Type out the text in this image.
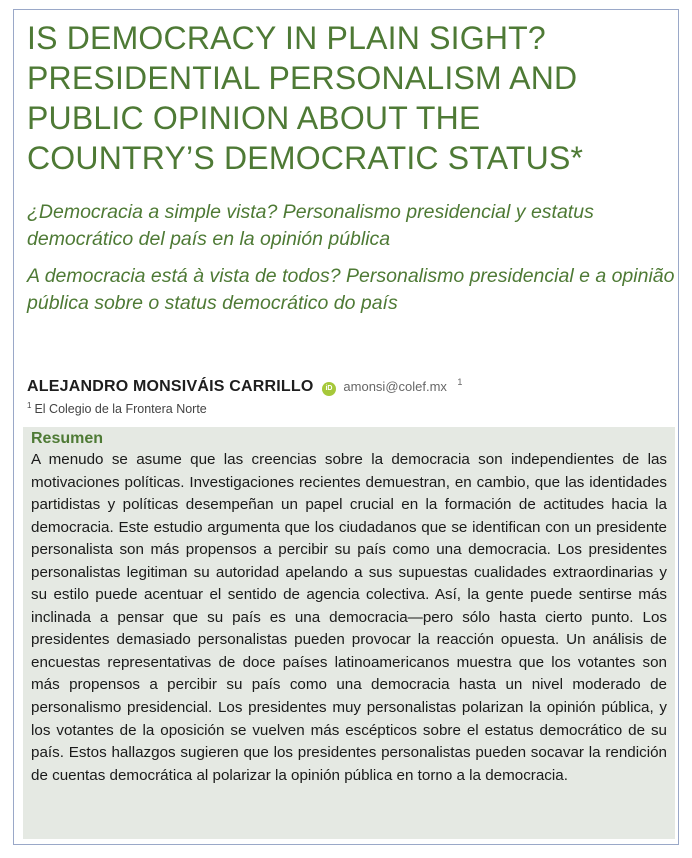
IS DEMOCRACY IN PLAIN SIGHT? PRESIDENTIAL PERSONALISM AND PUBLIC OPINION ABOUT THE COUNTRY’S DEMOCRATIC STATUS*

¿Democracia a simple vista? Personalismo presidencial y estatus democrático del país en la opinión pública

A democracia está à vista de todos? Personalismo presidencial e a opinião pública sobre o status democrático do país

ALEJANDRO MONSIVÁIS CARRILLO iD amonsi@colef.mx $^1$
$^1$ El Colegio de la Frontera Norte
Resumen

A menudo se asume que las creencias sobre la democracia son independientes de las motivaciones políticas. Investigaciones recientes demuestran, en cambio, que las identidades partidistas y políticas desempeñan un papel crucial en la formación de actitudes hacia la democracia. Este estudio argumenta que los ciudadanos que se identifican con un presidente personalista son más propensos a percibir su país como una democracia. Los presidentes personalistas legitiman su autoridad apelando a sus supuestas cualidades extraordinarias y su estilo puede acentuar el sentido de agencia colectiva. Así, la gente puede sentirse más inclinada a pensar que su país es una democracia—pero sólo hasta cierto punto. Los presidentes demasiado personalistas pueden provocar la reacción opuesta. Un análisis de encuestas representativas de doce países latinoamericanos muestra que los votantes son más propensos a percibir su país como una democracia hasta un nivel moderado de personalismo presidencial. Los presidentes muy personalistas polarizan la opinión pública, y los votantes de la oposición se vuelven más escépticos sobre el estatus democrático de su país. Estos hallazgos sugieren que los presidentes personalistas pueden socavar la rendición de cuentas democrática al polarizar la opinión pública en torno a la democracia.
